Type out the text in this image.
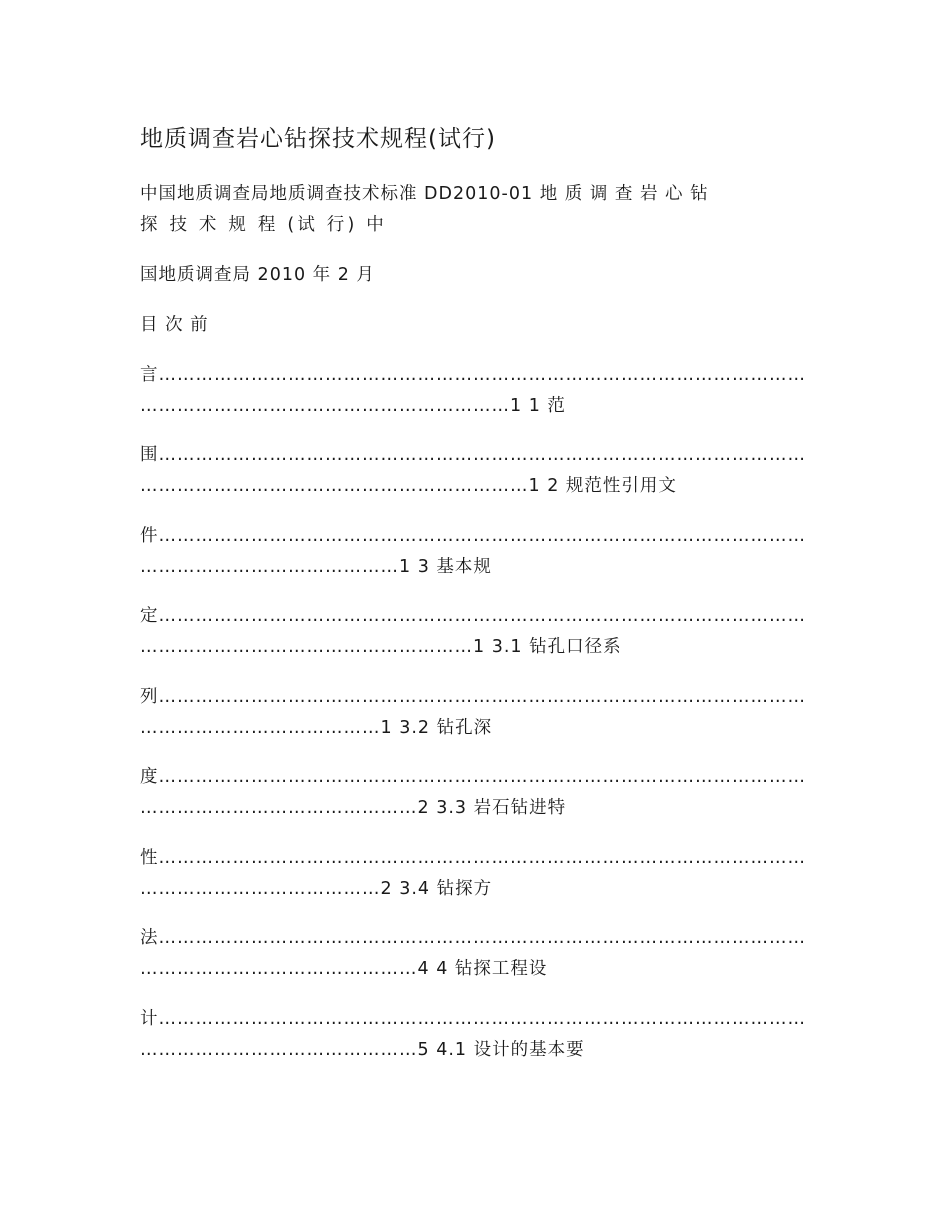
地质调查岩心钻探技术规程(试行)
中国地质调查局地质调查技术标准 DD2010-01 地 质 调 查 岩 心 钻
探 技 术 规 程 (试 行) 中
国地质调查局 2010 年 2 月
目 次 前
言……………………………………………………………………………………………
……………………………………………………1 1 范
围……………………………………………………………………………………………
………………………………………………………1 2 规范性引用文
件……………………………………………………………………………………………
……………………………………1 3 基本规
定……………………………………………………………………………………………
………………………………………………1 3.1 钻孔口径系
列……………………………………………………………………………………………
…………………………………1 3.2 钻孔深
度……………………………………………………………………………………………
………………………………………2 3.3 岩石钻进特
性……………………………………………………………………………………………
…………………………………2 3.4 钻探方
法……………………………………………………………………………………………
………………………………………4 4 钻探工程设
计……………………………………………………………………………………………
………………………………………5 4.1 设计的基本要
